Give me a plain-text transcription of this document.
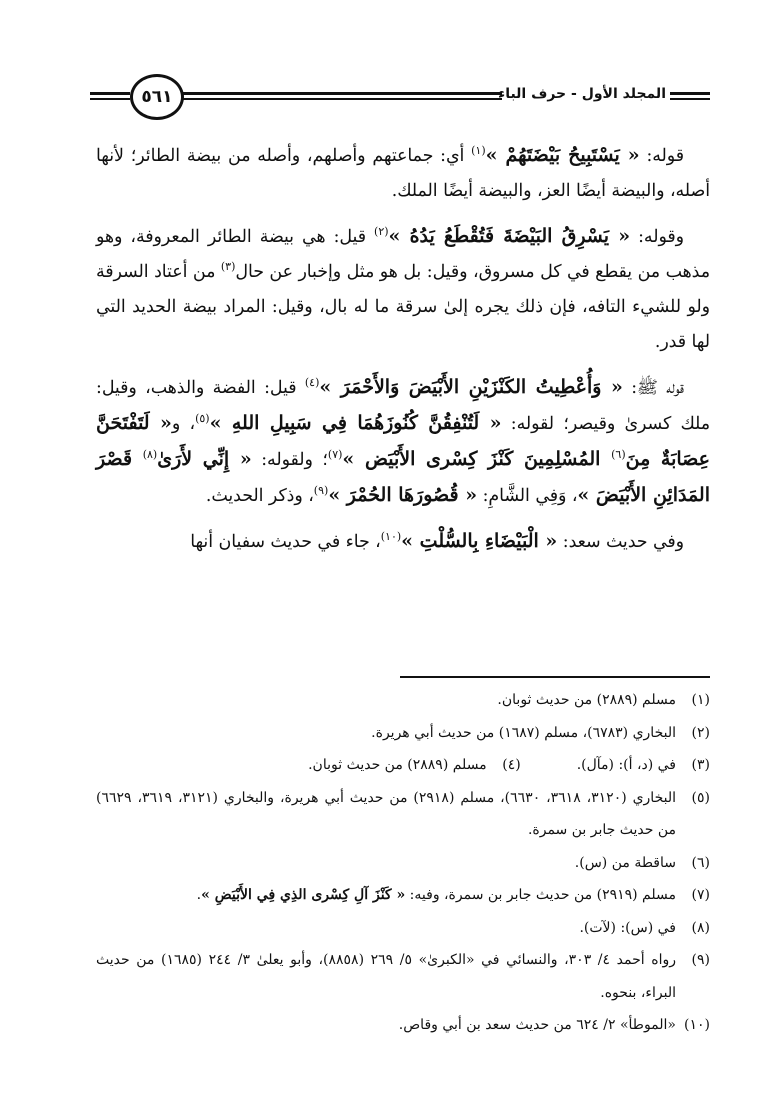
٥٦١	المجلد الأول - حرف الباء

قوله: « يَسْتَبِيحُ بَيْضَتَهُمْ »$^{(١)}$ أي: جماعتهم وأصلهم، وأصله من بيضة الطائر؛ لأنها أصله، والبيضة أيضًا العز، والبيضة أيضًا الملك.

وقوله: « يَسْرِقُ البَيْضَةَ فَتُقْطَعُ يَدُهُ »$^{(٢)}$ قيل: هي بيضة الطائر المعروفة، وهو مذهب من يقطع في كل مسروق، وقيل: بل هو مثل وإخبار عن حال$^{(٣)}$ من أعتاد السرقة ولو للشيء التافه، فإن ذلك يجره إلىٰ سرقة ما له بال، وقيل: المراد بيضة الحديد التي لها قدر.

قوله ﷺ: « وَأُعْطِيتُ الكَنْزَيْنِ الأَبْيَضَ وَالأَحْمَرَ »$^{(٤)}$ قيل: الفضة والذهب، وقيل: ملك كسرىٰ وقيصر؛ لقوله: « لَتُنْفِقُنَّ كُنُوزَهُمَا فِي سَبِيلِ اللهِ »$^{(٥)}$، و« لَتَفْتَحَنَّ عِصَابَةٌ مِنَ$^{(٦)}$ المُسْلِمِينَ كَنْزَ كِسْرى الأَبْيَض »$^{(٧)}$؛ ولقوله: « إِنِّي لأَرَىٰ$^{(٨)}$ قَصْرَ المَدَائِنِ الأَبْيَضَ »، وَفِي الشَّامِ: « قُصُورَهَا الحُمْرَ »$^{(٩)}$، وذكر الحديث.

وفي حديث سعد: « الْبَيْضَاءِ بِالسُّلْتِ »$^{(١٠)}$، جاء في حديث سفيان أنها

(١)
مسلم (٢٨٨٩) من حديث ثوبان.
(٢)
البخاري (٦٧٨٣)، مسلم (١٦٨٧) من حديث أبي هريرة.
(٣)
في (د، أ): (مآل).
(٤)
مسلم (٢٨٨٩) من حديث ثوبان.
(٥)
البخاري (٣١٢٠، ٣٦١٨، ٦٦٣٠)، مسلم (٢٩١٨) من حديث أبي هريرة، والبخاري (٣١٢١، ٣٦١٩، ٦٦٢٩) من حديث جابر بن سمرة.
(٦)
ساقطة من (س).
(٧)
مسلم (٢٩١٩) من حديث جابر بن سمرة، وفيه: « كَنْزَ آلِ كِسْرى الذِي فِي الأَبْيَضِ ».
(٨)
في (س): (لآت).
(٩)
رواه أحمد ٤/ ٣٠٣، والنسائي في «الكبرىٰ» ٥/ ٢٦٩ (٨٨٥٨)، وأبو يعلىٰ ٣/ ٢٤٤ (١٦٨٥) من حديث البراء، بنحوه.
(١٠)
«الموطأ» ٢/ ٦٢٤ من حديث سعد بن أبي وقاص.
